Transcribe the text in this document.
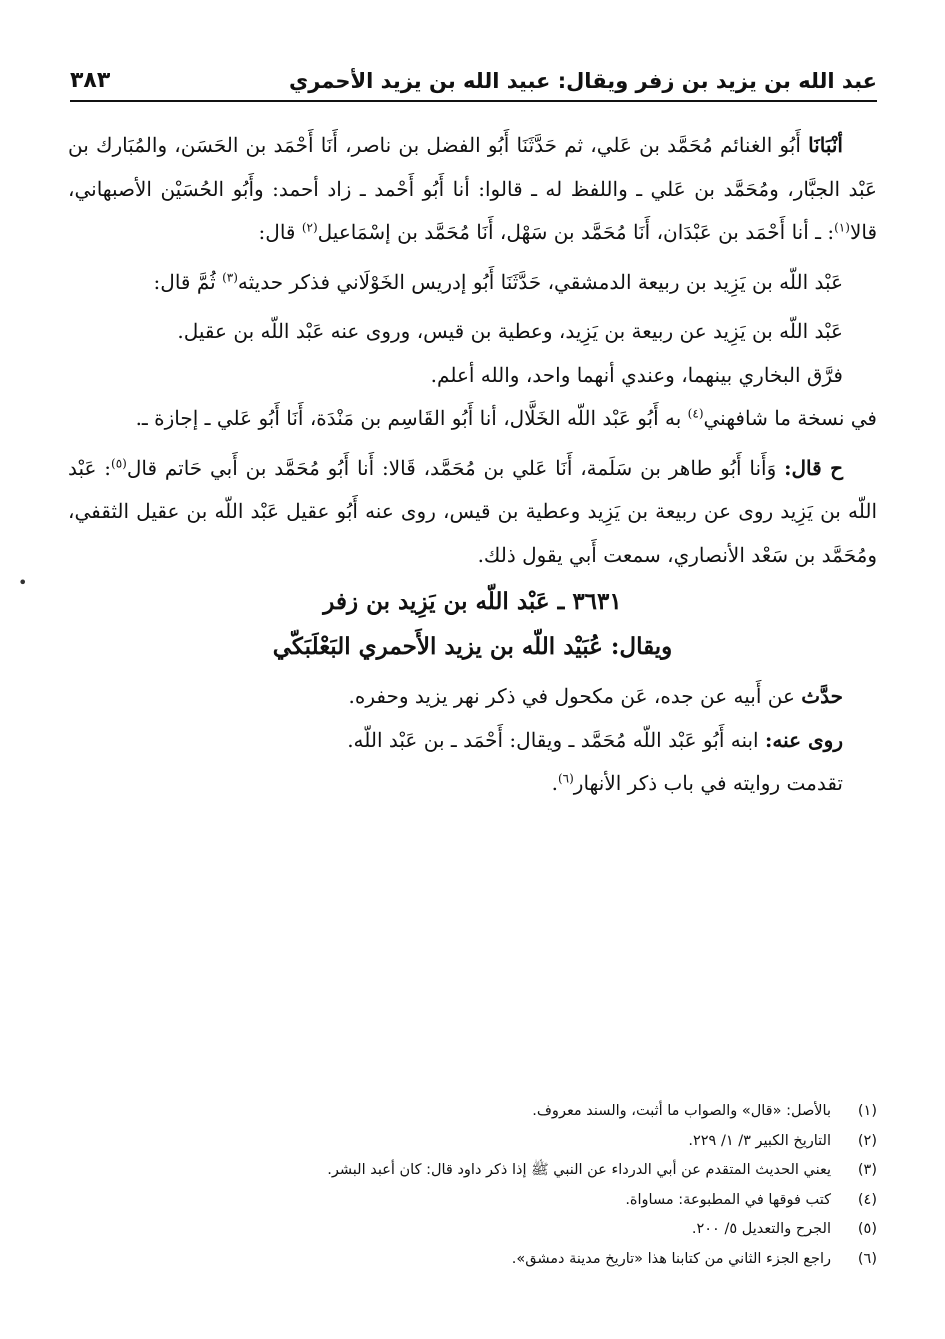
عبد الله بن يزيد بن زفر ويقال: عبيد الله بن يزيد الأحمري
٣٨٣

أنْبَانَا أَبُو الغنائم مُحَمَّد بن عَلي، ثم حَدَّثَنَا أَبُو الفضل بن ناصر، أَنَا أَحْمَد بن الحَسَن، والمُبَارك بن عَبْد الجبَّار، ومُحَمَّد بن عَلي ـ واللفظ له ـ قالوا: أنا أَبُو أَحْمد ـ زاد أحمد: وأَبُو الحُسَيْن الأصبهاني، قالا$^{(١)}$: ـ أنا أَحْمَد بن عَبْدَان، أَنَا مُحَمَّد بن سَهْل، أَنَا مُحَمَّد بن إسْمَاعيل$^{(٢)}$ قال:

عَبْد اللّه بن يَزِيد بن ربيعة الدمشقي، حَدَّثَنَا أَبُو إدريس الخَوْلَاني فذكر حديثه$^{(٣)}$ ثُمَّ قال:

عَبْد اللّه بن يَزِيد عن ربيعة بن يَزِيد، وعطية بن قيس، وروى عنه عَبْد اللّه بن عقيل.

فرَّق البخاري بينهما، وعندي أنهما واحد، والله أعلم.

في نسخة ما شافهني$^{(٤)}$ به أَبُو عَبْد اللّه الخَلَّال، أنا أَبُو القَاسِم بن مَنْدَة، أَنَا أَبُو عَلي ـ إجازة ـ.

ح قال: وَأَنا أَبُو طاهر بن سَلَمة، أَنَا عَلي بن مُحَمَّد، قَالا: أَنا أَبُو مُحَمَّد بن أَبي حَاتم قال$^{(٥)}$: عَبْد اللّه بن يَزِيد روى عن ربيعة بن يَزِيد وعطية بن قيس، روى عنه أَبُو عقيل عَبْد اللّه بن عقيل الثقفي، ومُحَمَّد بن سَعْد الأنصاري، سمعت أَبي يقول ذلك.

٣٦٣١ ـ عَبْد اللّه بن يَزِيد بن زفر
ويقال: عُبَيْد اللّه بن يزيد الأَحمري البَعْلَبَكّي

حدَّث عن أَبيه عن جده، عَن مكحول في ذكر نهر يزيد وحفره.

روى عنه: ابنه أَبُو عَبْد اللّه مُحَمَّد ـ ويقال: أَحْمَد ـ بن عَبْد اللّه.

تقدمت روايته في باب ذكر الأنهار$^{(٦)}$.

•
(١)
بالأصل: «قال» والصواب ما أثبت، والسند معروف.
(٢)
التاريخ الكبير ٣/ ١/ ٢٢٩.
(٣)
يعني الحديث المتقدم عن أبي الدرداء عن النبي ﷺ إذا ذكر داود قال: كان أعبد البشر.
(٤)
كتب فوقها في المطبوعة: مساواة.
(٥)
الجرح والتعديل ٥/ ٢٠٠.
(٦)
راجع الجزء الثاني من كتابنا هذا «تاريخ مدينة دمشق».
